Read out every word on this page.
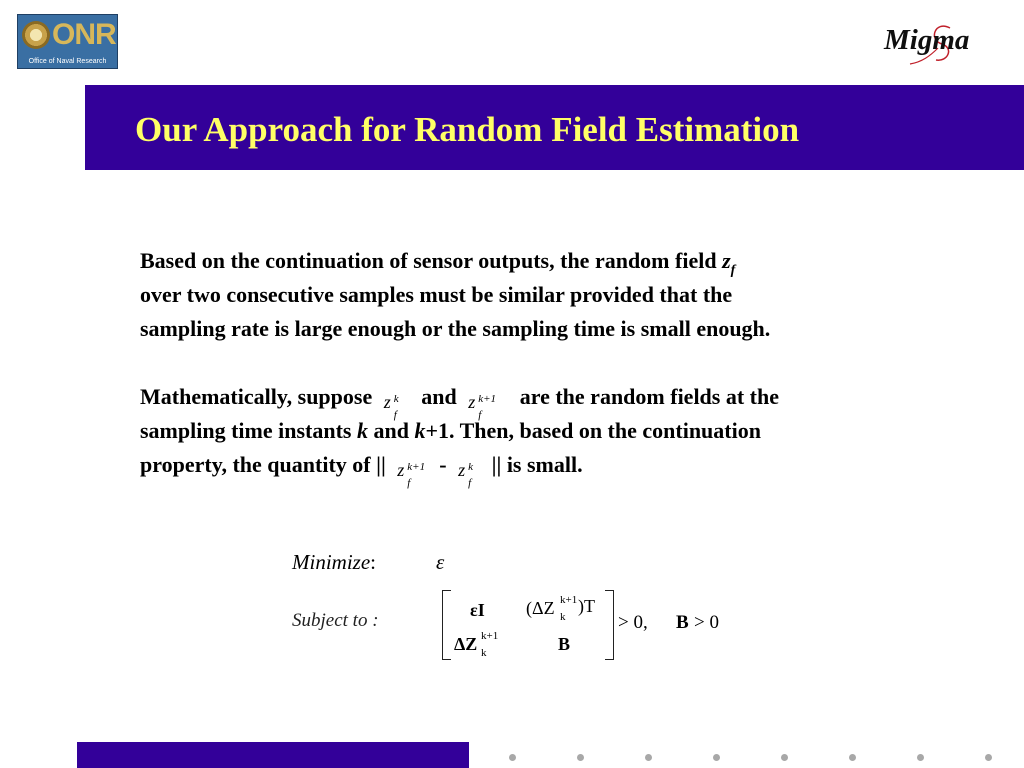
ONR
Office of Naval Research
Migma
Our Approach for Random Field Estimation
Based on the continuation of sensor outputs, the random field $z_f$
over two consecutive samples must be similar provided that the
sampling rate is large enough or the sampling time is small enough.
Mathematically, suppose z k
f
and z k+1
f
are the random fields at the
sampling time instants k and k+1. Then, based on the continuation
property, the quantity of || z k+1
f
- z k
f
|| is small.
Minimize:	ε
Subject to :	εI (ΔZ k+1
k
)T
ΔZ k+1
k	B
> 0, B > 0
